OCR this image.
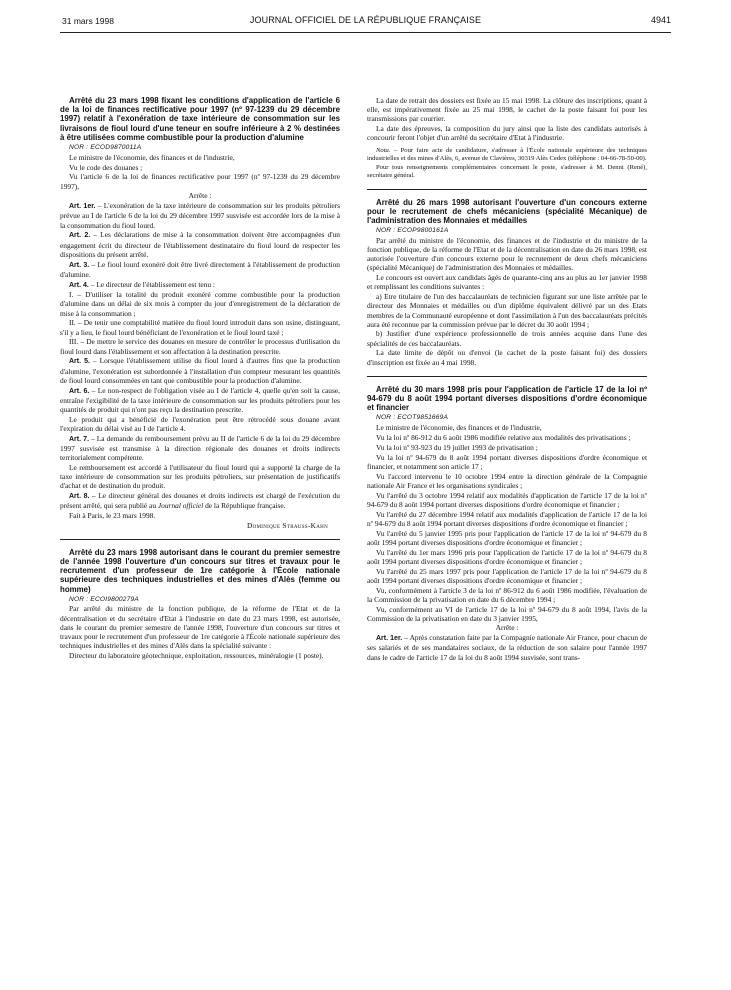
31 mars 1998	JOURNAL OFFICIEL DE LA RÉPUBLIQUE FRANÇAISE	4941

Arrêté du 23 mars 1998 fixant les conditions d'application de l'article 6 de la loi de finances rectificative pour 1997 (nº 97-1239 du 29 décembre 1997) relatif à l'exonération de taxe intérieure de consommation sur les livraisons de fioul lourd d'une teneur en soufre inférieure à 2 % destinées à être utilisées comme combustible pour la production d'alumine

NOR : ECOD9870011A

Le ministre de l'économie, des finances et de l'industrie,

Vu le code des douanes ;

Vu l'article 6 de la loi de finances rectificative pour 1997 (nº 97-1239 du 29 décembre 1997),

Arrête :

Art. 1er. – L'exonération de la taxe intérieure de consommation sur les produits pétroliers prévue au I de l'article 6 de la loi du 29 décembre 1997 susvisée est accordée lors de la mise à la consommation du fioul lourd.

Art. 2. – Les déclarations de mise à la consommation doivent être accompagnées d'un engagement écrit du directeur de l'établissement destinataire du fioul lourd de respecter les dispositions du présent arrêté.

Art. 3. – Le fioul lourd exonéré doit être livré directement à l'établissement de production d'alumine.

Art. 4. – Le directeur de l'établissement est tenu :

I. – D'utiliser la totalité du produit exonéré comme combustible pour la production d'alumine dans un délai de six mois à compter du jour d'enregistrement de la déclaration de mise à la consommation ;

II. – De tenir une comptabilité matière du fioul lourd introduit dans son usine, distinguant, s'il y a lieu, le fioul lourd bénéficiant de l'exonération et le fioul lourd taxé ;

III. – De mettre le service des douanes en mesure de contrôler le processus d'utilisation du fioul lourd dans l'établissement et son affectation à la destination prescrite.

Art. 5. – Lorsque l'établissement utilise du fioul lourd à d'autres fins que la production d'alumine, l'exonération est subordonnée à l'installation d'un compteur mesurant les quantités de fioul lourd consommées en tant que combustible pour la production d'alumine.

Art. 6. – Le non-respect de l'obligation visée au I de l'article 4, quelle qu'en soit la cause, entraîne l'exigibilité de la taxe intérieure de consommation sur les produits pétroliers pour les quantités de produit qui n'ont pas reçu la destination prescrite.

Le produit qui a bénéficié de l'exonération peut être rétrocédé sous douane avant l'expiration du délai visé au I de l'article 4.

Art. 7. – La demande du remboursement prévu au II de l'article 6 de la loi du 29 décembre 1997 susvisée est transmise à la direction régionale des douanes et droits indirects territorialement compétente.

Le remboursement est accordé à l'utilisateur du fioul lourd qui a supporté la charge de la taxe intérieure de consommation sur les produits pétroliers, sur présentation de justificatifs d'achat et de destination du produit.

Art. 8. – Le directeur général des douanes et droits indirects est chargé de l'exécution du présent arrêté, qui sera publié au Journal officiel de la République française.

Fait à Paris, le 23 mars 1998.

Dominique Strauss-Kahn

Arrêté du 23 mars 1998 autorisant dans le courant du premier semestre de l'année 1998 l'ouverture d'un concours sur titres et travaux pour le recrutement d'un professeur de 1re catégorie à l'École nationale supérieure des techniques industrielles et des mines d'Alès (femme ou homme)

NOR : ECOI9800279A

Par arrêté du ministre de la fonction publique, de la réforme de l'Etat et de la décentralisation et du secrétaire d'Etat à l'industrie en date du 23 mars 1998, est autorisée, dans le courant du premier semestre de l'année 1998, l'ouverture d'un concours sur titres et travaux pour le recrutement d'un professeur de 1re catégorie à l'École nationale supérieure des techniques industrielles et des mines d'Alès dans la spécialité suivante :

Directeur du laboratoire géotechnique, exploitation, ressources, minéralogie (1 poste).

La date de retrait des dossiers est fixée au 15 mai 1998. La clôture des inscriptions, quant à elle, est impérativement fixée au 25 mai 1998, le cachet de la poste faisant foi pour les transmissions par courrier.

La date des épreuves, la composition du jury ainsi que la liste des candidats autorisés à concourir feront l'objet d'un arrêté du secrétaire d'Etat à l'industrie.

Nota. – Pour faire acte de candidature, s'adresser à l'École nationale supérieure des techniques industrielles et des mines d'Alès, 6, avenue de Clavières, 30319 Alès Cedex (téléphone : 04-66-78-50-00).

Pour tous renseignements complémentaires concernant le poste, s'adresser à M. Denni (René), secrétaire général.

Arrêté du 26 mars 1998 autorisant l'ouverture d'un concours externe pour le recrutement de chefs mécaniciens (spécialité Mécanique) de l'administration des Monnaies et médailles

NOR : ECOP9800161A

Par arrêté du ministre de l'économie, des finances et de l'industrie et du ministre de la fonction publique, de la réforme de l'Etat et de la décentralisation en date du 26 mars 1998, est autorisée l'ouverture d'un concours externe pour le recrutement de deux chefs mécaniciens (spécialité Mécanique) de l'administration des Monnaies et médailles.

Le concours est ouvert aux candidats âgés de quarante-cinq ans au plus au 1er janvier 1998 et remplissant les conditions suivantes :

a) Etre titulaire de l'un des baccalauréats de technicien figurant sur une liste arrêtée par le directeur des Monnaies et médailles ou d'un diplôme équivalent délivré par un des Etats membres de la Communauté européenne et dont l'assimilation à l'un des baccalauréats précités aura été reconnue par la commission prévue par le décret du 30 août 1994 ;

b) Justifier d'une expérience professionnelle de trois années acquise dans l'une des spécialités de ces baccalauréats.

La date limite de dépôt ou d'envoi (le cachet de la poste faisant foi) des dossiers d'inscription est fixée au 4 mai 1998.

Arrêté du 30 mars 1998 pris pour l'application de l'article 17 de la loi nº 94-679 du 8 août 1994 portant diverses dispositions d'ordre économique et financier

NOR : ECOT9851669A

Le ministre de l'économie, des finances et de l'industrie,

Vu la loi nº 86-912 du 6 août 1986 modifiée relative aux modalités des privatisations ;

Vu la loi nº 93-923 du 19 juillet 1993 de privatisation ;

Vu la loi nº 94-679 du 8 août 1994 portant diverses dispositions d'ordre économique et financier, et notamment son article 17 ;

Vu l'accord intervenu le 10 octobre 1994 entre la direction générale de la Compagnie nationale Air France et les organisations syndicales ;

Vu l'arrêté du 3 octobre 1994 relatif aux modalités d'application de l'article 17 de la loi nº 94-679 du 8 août 1994 portant diverses dispositions d'ordre économique et financier ;

Vu l'arrêté du 27 décembre 1994 relatif aux modalités d'application de l'article 17 de la loi nº 94-679 du 8 août 1994 portant diverses dispositions d'ordre économique et financier ;

Vu l'arrêté du 5 janvier 1995 pris pour l'application de l'article 17 de la loi nº 94-679 du 8 août 1994 portant diverses dispositions d'ordre économique et financier ;

Vu l'arrêté du 1er mars 1996 pris pour l'application de l'article 17 de la loi nº 94-679 du 8 août 1994 portant diverses dispositions d'ordre économique et financier ;

Vu l'arrêté du 25 mars 1997 pris pour l'application de l'article 17 de la loi nº 94-679 du 8 août 1994 portant diverses dispositions d'ordre économique et financier ;

Vu, conformément à l'article 3 de la loi nº 86-912 du 6 août 1986 modifiée, l'évaluation de la Commission de la privatisation en date du 6 décembre 1994 ;

Vu, conformément au VI de l'article 17 de la loi nº 94-679 du 8 août 1994, l'avis de la Commission de la privatisation en date du 3 janvier 1995,

Arrête :

Art. 1er. – Après constatation faite par la Compagnie nationale Air France, pour chacun de ses salariés et de ses mandataires sociaux, de la réduction de son salaire pour l'année 1997 dans le cadre de l'article 17 de la loi du 8 août 1994 susvisée, sont trans-
